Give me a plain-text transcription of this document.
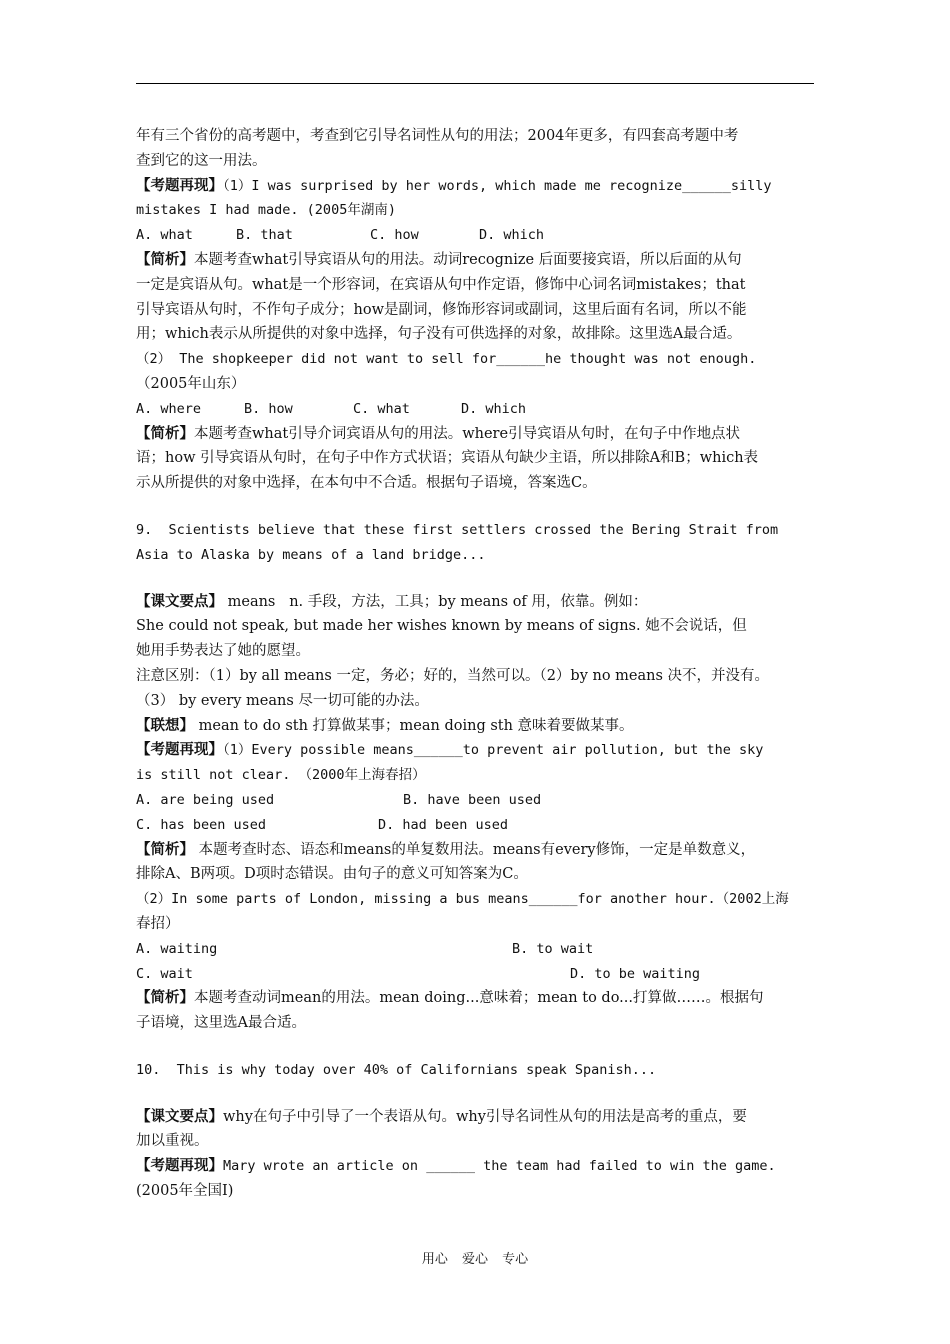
年有三个省份的高考题中，考查到它引导名词性从句的用法；2004年更多，有四套高考题中考
查到它的这一用法。
【考题再现】（1）I was surprised by her words, which made me recognize______silly
mistakes I had made. (2005年湖南)

A. what

	B. that

	C. how

	D. which

【简析】本题考查what引导宾语从句的用法。动词recognize 后面要接宾语，所以后面的从句
一定是宾语从句。what是一个形容词，在宾语从句中作定语，修饰中心词名词mistakes；that
引导宾语从句时，不作句子成分；how是副词，修饰形容词或副词，这里后面有名词，所以不能
用；which表示从所提供的对象中选择，句子没有可供选择的对象，故排除。这里选A最合适。
（2） The shopkeeper did not want to sell for______he thought was not enough.
（2005年山东）

A. where

	B. how

	C. what

	D. which

【简析】本题考查what引导介词宾语从句的用法。where引导宾语从句时，在句子中作地点状
语；how 引导宾语从句时，在句子中作方式状语；宾语从句缺少主语，所以排除A和B；which表
示从所提供的对象中选择，在本句中不合适。根据句子语境，答案选C。
9.  Scientists believe that these first settlers crossed the Bering Strait from
Asia to Alaska by means of a land bridge...
【课文要点】 means   n. 手段，方法，工具；by means of 用，依靠。例如：
She could not speak, but made her wishes known by means of signs. 她不会说话，但
她用手势表达了她的愿望。
注意区别：（1）by all means 一定，务必；好的，当然可以。（2）by no means 决不，并没有。
（3） by every means 尽一切可能的办法。
【联想】 mean to do sth 打算做某事；mean doing sth 意味着要做某事。
【考题再现】（1）Every possible means______to prevent air pollution, but the sky
is still not clear. （2000年上海春招）

A. are being used

	B. have been used

C. has been used

	D. had been used

【简析】 本题考查时态、语态和means的单复数用法。means有every修饰，一定是单数意义，
排除A、B两项。D项时态错误。由句子的意义可知答案为C。
（2）In some parts of London, missing a bus means______for another hour.（2002上海
春招）

A. waiting

	B. to wait

C. wait

	D. to be waiting

【简析】本题考查动词mean的用法。mean doing...意味着；mean to do...打算做……。根据句
子语境，这里选A最合适。
10.  This is why today over 40% of Californians speak Spanish...
【课文要点】why在句子中引导了一个表语从句。why引导名词性从句的用法是高考的重点，要
加以重视。
【考题再现】Mary wrote an article on ______ the team had failed to win the game.
(2005年全国I)
用心 爱心 专心
